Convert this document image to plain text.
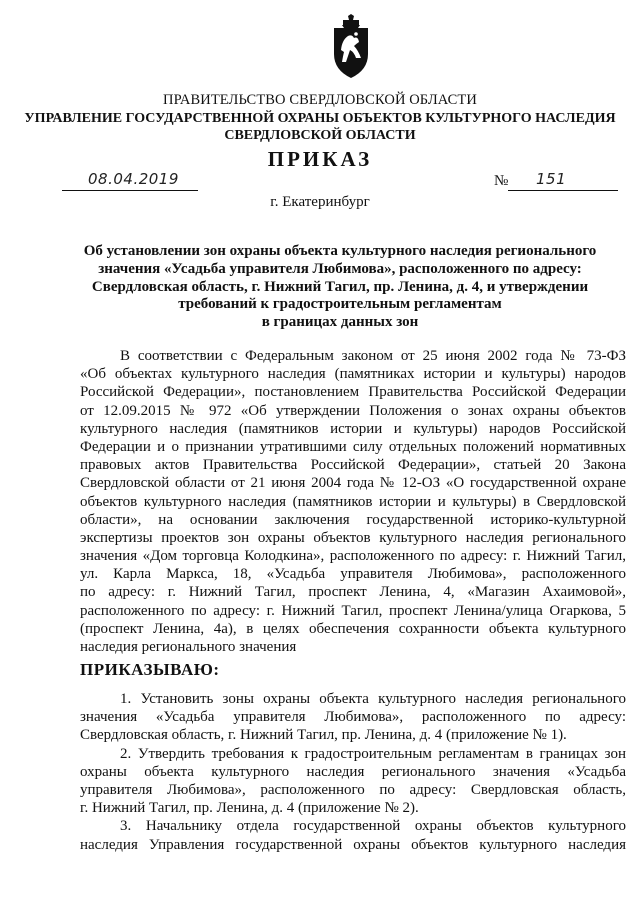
ПРАВИТЕЛЬСТВО СВЕРДЛОВСКОЙ ОБЛАСТИ
УПРАВЛЕНИЕ ГОСУДАРСТВЕННОЙ ОХРАНЫ ОБЪЕКТОВ КУЛЬТУРНОГО НАСЛЕДИЯ
СВЕРДЛОВСКОЙ ОБЛАСТИ
ПРИКАЗ
08.04.2019	№ 151
г. Екатеринбург
Об установлении зон охраны объекта культурного наследия регионального
значения «Усадьба управителя Любимова», расположенного по адресу:
Свердловская область, г. Нижний Тагил, пр. Ленина, д. 4, и утверждении
требований к градостроительным регламентам
в границах данных зон
В соответствии с Федеральным законом от 25 июня 2002 года № 73-ФЗ
«Об объектах культурного наследия (памятниках истории и культуры) народов
Российской Федерации», постановлением Правительства Российской Федерации
от 12.09.2015 № 972 «Об утверждении Положения о зонах охраны объектов
культурного наследия (памятников истории и культуры) народов Российской
Федерации и о признании утратившими силу отдельных положений нормативных
правовых актов Правительства Российской Федерации», статьей 20 Закона
Свердловской области от 21 июня 2004 года № 12-ОЗ «О государственной охране
объектов культурного наследия (памятников истории и культуры) в Свердловской
области», на основании заключения государственной историко-культурной
экспертизы проектов зон охраны объектов культурного наследия регионального
значения «Дом торговца Колодкина», расположенного по адресу: г. Нижний Тагил,
ул. Карла Маркса, 18, «Усадьба управителя Любимова», расположенного
по адресу: г. Нижний Тагил, проспект Ленина, 4, «Магазин Ахаимовой»,
расположенного по адресу: г. Нижний Тагил, проспект Ленина/улица Огаркова, 5
(проспект Ленина, 4а), в целях обеспечения сохранности объекта культурного
наследия регионального значения
ПРИКАЗЫВАЮ:
1. Установить зоны охраны объекта культурного наследия регионального
значения «Усадьба управителя Любимова», расположенного по адресу:
Свердловская область, г. Нижний Тагил, пр. Ленина, д. 4 (приложение № 1).
2. Утвердить требования к градостроительным регламентам в границах зон
охраны объекта культурного наследия регионального значения «Усадьба
управителя Любимова», расположенного по адресу: Свердловская область,
г. Нижний Тагил, пр. Ленина, д. 4 (приложение № 2).
3. Начальнику отдела государственной охраны объектов культурного
наследия Управления государственной охраны объектов культурного наследия
